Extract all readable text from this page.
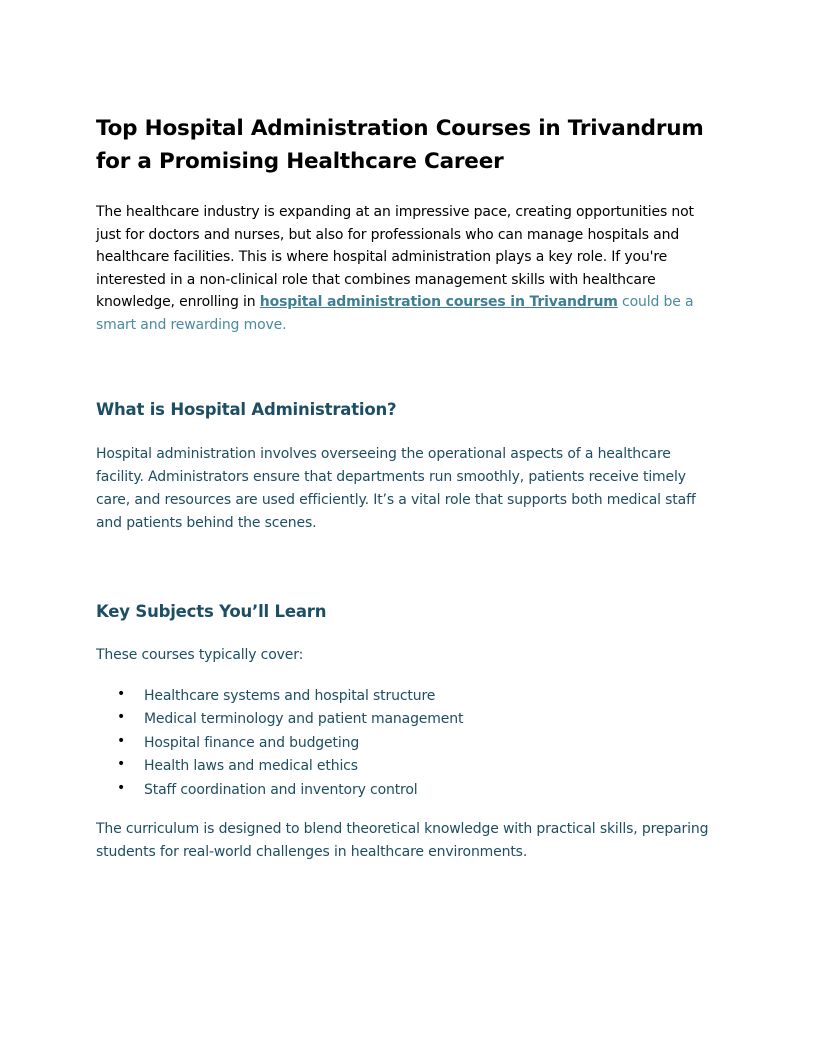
Top Hospital Administration Courses in Trivandrum for a Promising Healthcare Career

The healthcare industry is expanding at an impressive pace, creating opportunities not just for doctors and nurses, but also for professionals who can manage hospitals and healthcare facilities. This is where hospital administration plays a key role. If you're interested in a non-clinical role that combines management skills with healthcare knowledge, enrolling in hospital administration courses in Trivandrum could be a smart and rewarding move.

What is Hospital Administration?

Hospital administration involves overseeing the operational aspects of a healthcare facility. Administrators ensure that departments run smoothly, patients receive timely care, and resources are used efficiently. It’s a vital role that supports both medical staff and patients behind the scenes.

Key Subjects You’ll Learn

These courses typically cover:

• Healthcare systems and hospital structure
• Medical terminology and patient management
• Hospital finance and budgeting
• Health laws and medical ethics
• Staff coordination and inventory control

The curriculum is designed to blend theoretical knowledge with practical skills, preparing students for real-world challenges in healthcare environments.
